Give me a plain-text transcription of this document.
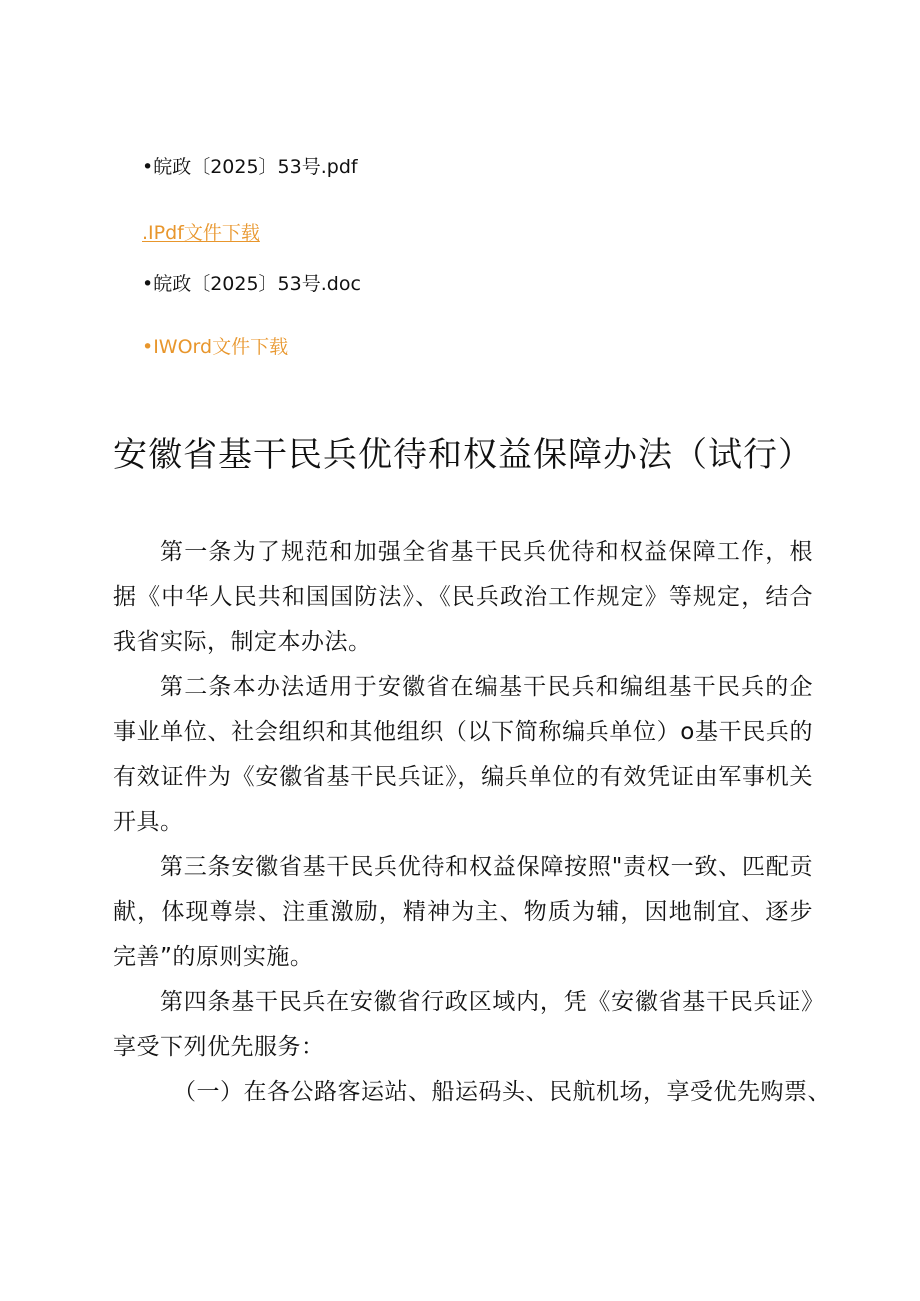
•皖政〔2025〕53号.pdf
.IPdf文件下载
•皖政〔2025〕53号.doc
•IWOrd文件下载
安徽省基干民兵优待和权益保障办法（试行）

第一条为了规范和加强全省基干民兵优待和权益保障工作，根据《中华人民共和国国防法》、《民兵政治工作规定》等规定，结合我省实际，制定本办法。

第二条本办法适用于安徽省在编基干民兵和编组基干民兵的企事业单位、社会组织和其他组织（以下简称编兵单位）o基干民兵的有效证件为《安徽省基干民兵证》，编兵单位的有效凭证由军事机关开具。

第三条安徽省基干民兵优待和权益保障按照"责权一致、匹配贡献，体现尊崇、注重激励，精神为主、物质为辅，因地制宜、逐步完善”的原则实施。

第四条基干民兵在安徽省行政区域内，凭《安徽省基干民兵证》享受下列优先服务：

（一）在各公路客运站、船运码头、民航机场，享受优先购票、
